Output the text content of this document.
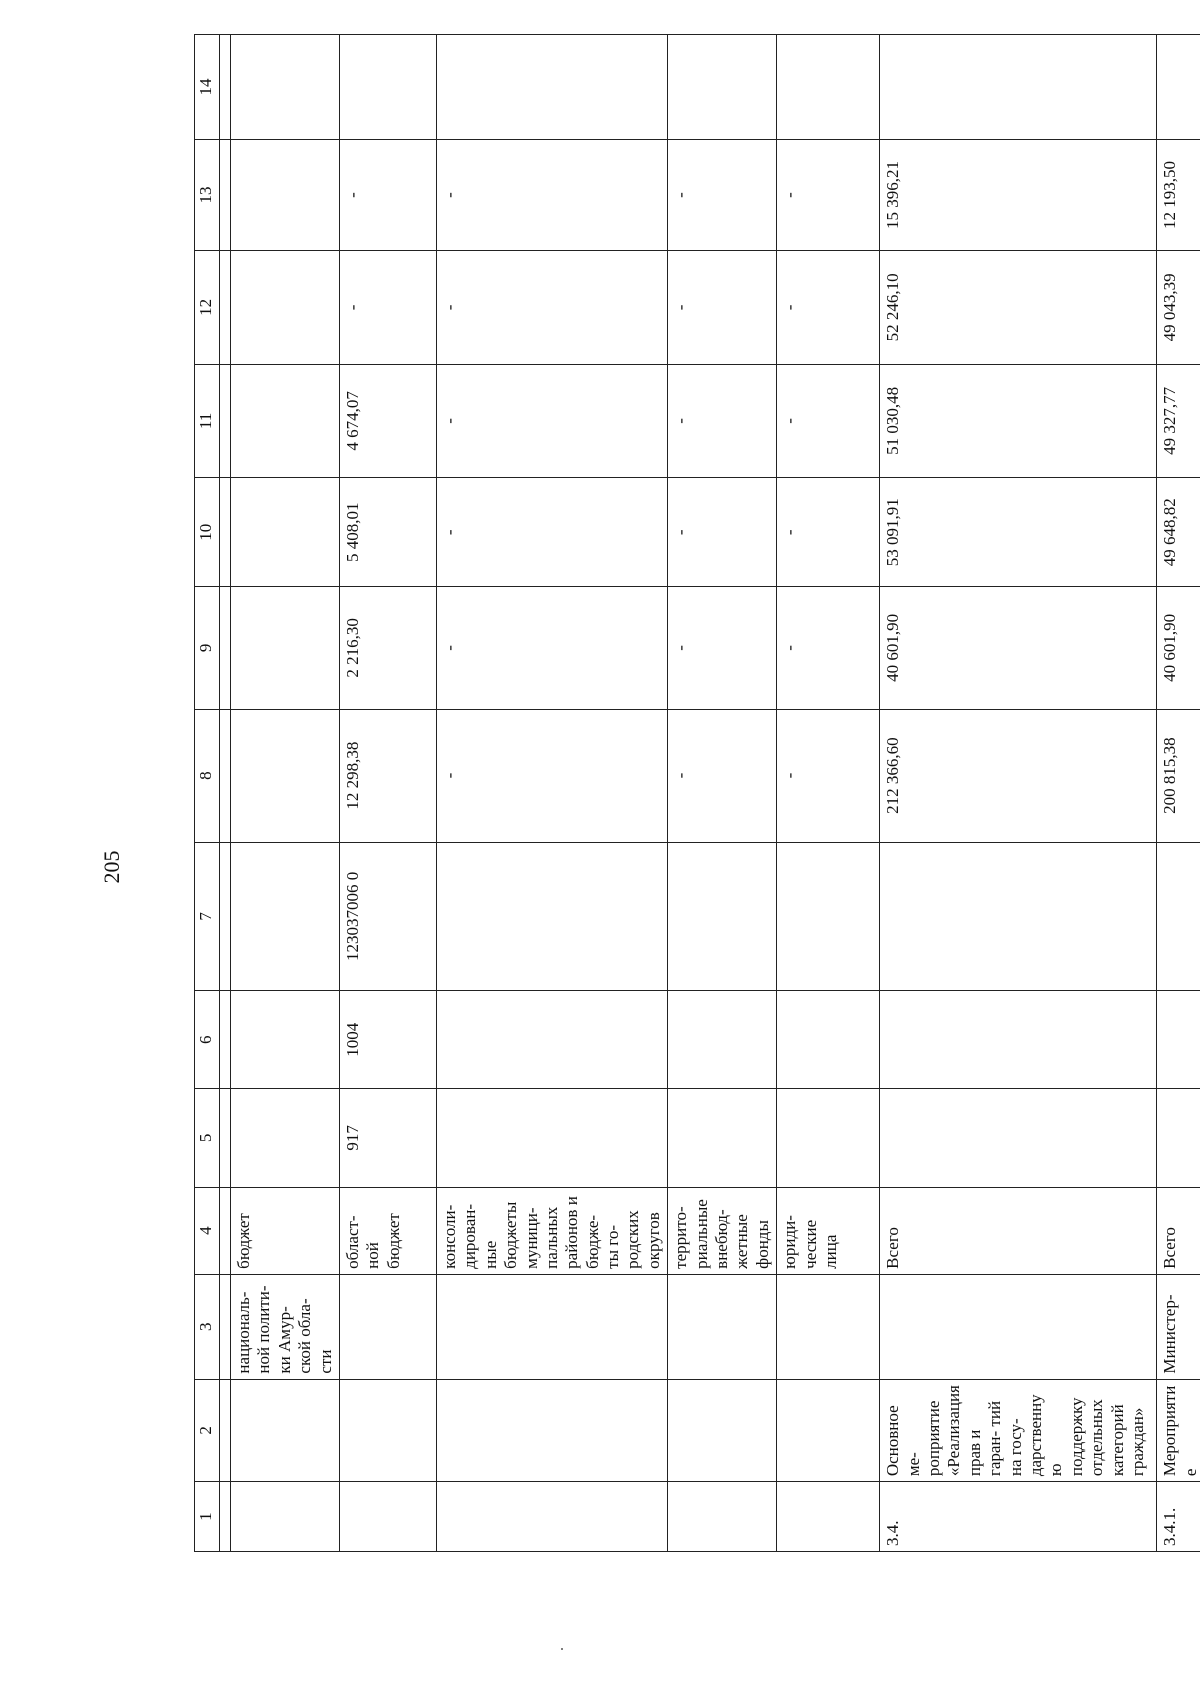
205
1	2	3	4	5	6	7	8	9	10	11	12	13	14

		националь- ной полити- ки Амур- ской обла- сти	бюджет										
			област- ной бюджет	917	1004	123037006 0	12 298,38	2 216,30	5 408,01	4 674,07	-	-	
			консоли- дирован- ные бюджеты муници- пальных районов и бюдже- ты го- родских округов				-	-	-	-	-	-	
			террито- риальные внебюд- жетные фонды				-	-	-	-	-	-	
			юриди- ческие лица				-	-	-	-	-	-	
3.4.	Основное ме- роприятие «Реализация прав и гаран- тий на госу- дарственную поддержку отдельных категорий граждан»		Всего				212 366,60	40 601,90	53 091,91	51 030,48	52 246,10	15 396,21	
3.4.1.	Мероприятие	Министер-	Всего				200 815,38	40 601,90	49 648,82	49 327,77	49 043,39	12 193,50	
